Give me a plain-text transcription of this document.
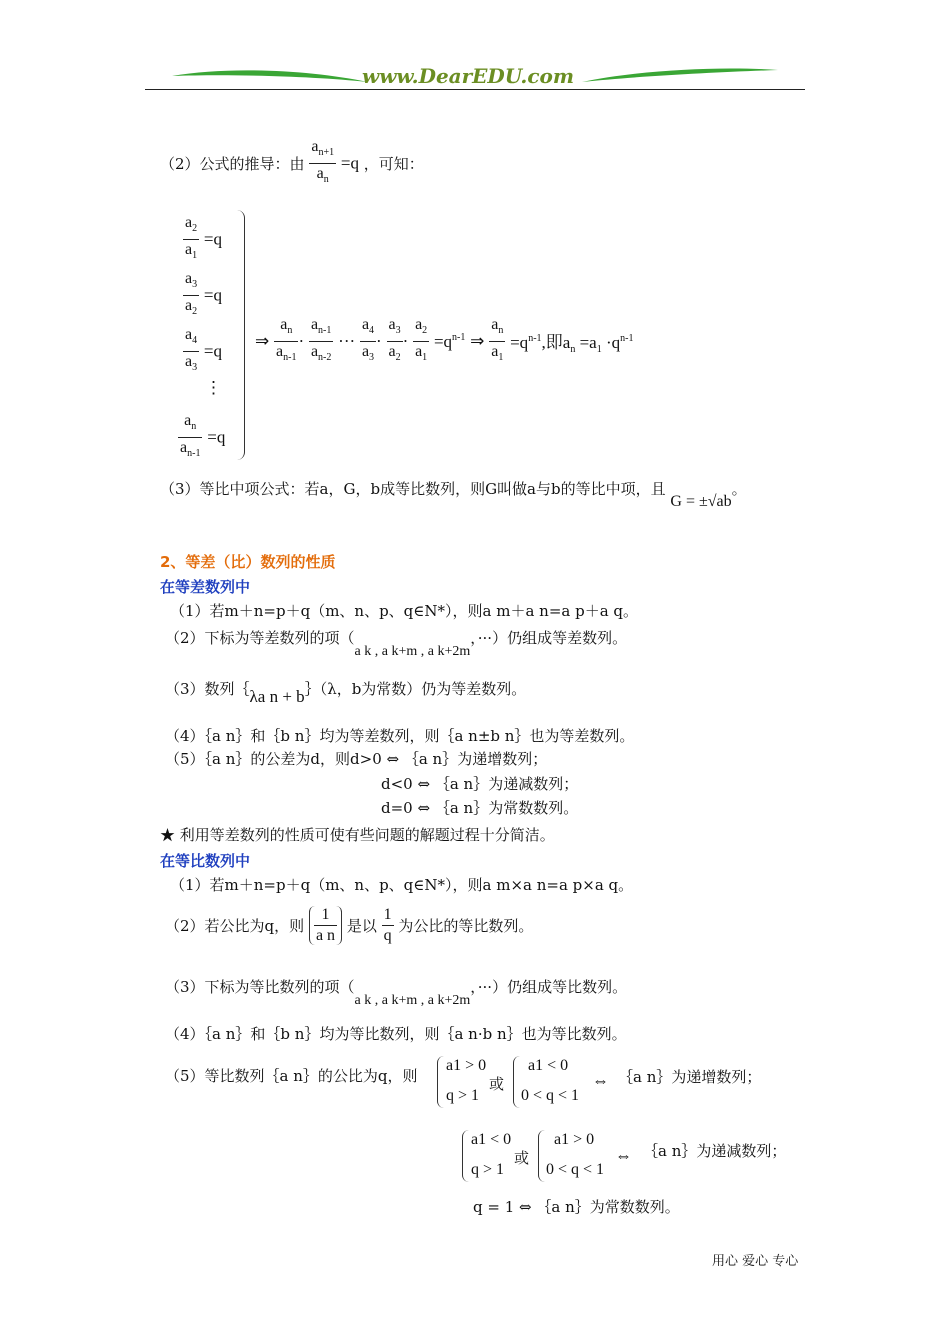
www.DearEDU.com
（2）公式的推导：由 $\frac{a_{n+1}}{a_n} =q$ ，可知：
$\frac{a_2}{a_1} =q$
$\frac{a_3}{a_2} =q$
$\frac{a_4}{a_3} =q$
⋮
$\frac{a_n}{a_{n-1}} =q$
⇒ $\frac{a_n}{a_{n-1}} \cdot \frac{a_{n-1}}{a_{n-2}}$ ··· $\frac{a_4}{a_3} \cdot \frac{a_3}{a_2} \cdot \frac{a_2}{a_1} =q^{n-1}$ ⇒ $\frac{a_n}{a_1} =q^{n-1}$,即$a_n =a_1 \cdot q^{n-1}$
（3）等比中项公式：若a，G，b成等比数列，则G叫做a与b的等比中项，且 G = ±√ab。
2、等差（比）数列的性质
在等差数列中
（1）若m＋n=p＋q（m、n、p、q∈N*），则a m＋a n=a p＋a q。
（2）下标为等差数列的项（a k , a k+m , a k+2m，···）仍组成等差数列。
（3）数列｛λa n + b｝（λ，b为常数）仍为等差数列。
（4）｛a n｝和｛b n｝均为等差数列，则｛a n±b n｝也为等差数列。
（5）｛a n｝的公差为d，则d>0 ⇔ ｛a n｝为递增数列；
d<0 ⇔ ｛a n｝为递减数列；
d=0 ⇔ ｛a n｝为常数数列。
★ 利用等差数列的性质可使有些问题的解题过程十分简洁。
在等比数列中
（1）若m＋n=p＋q（m、n、p、q∈N*），则a m×a n=a p×a q。
（2）若公比为q，则 $\frac{1}{\text{a n}}$ 是以 $\frac{1}{q}$ 为公比的等比数列。
（3）下标为等比数列的项（a k , a k+m , a k+2m，···）仍组成等比数列。
（4）｛a n｝和｛b n｝均为等比数列，则｛a n·b n｝也为等比数列。
（5）等比数列｛a n｝的公比为q，则
a1 > 0
q > 1
或
a1 < 0
0 < q < 1
⇔ ｛a n｝为递增数列；
a1 < 0
q > 1
或
a1 > 0
0 < q < 1
⇔ ｛a n｝为递减数列；
q = 1 ⇔ ｛a n｝为常数数列。
用心 爱心 专心
